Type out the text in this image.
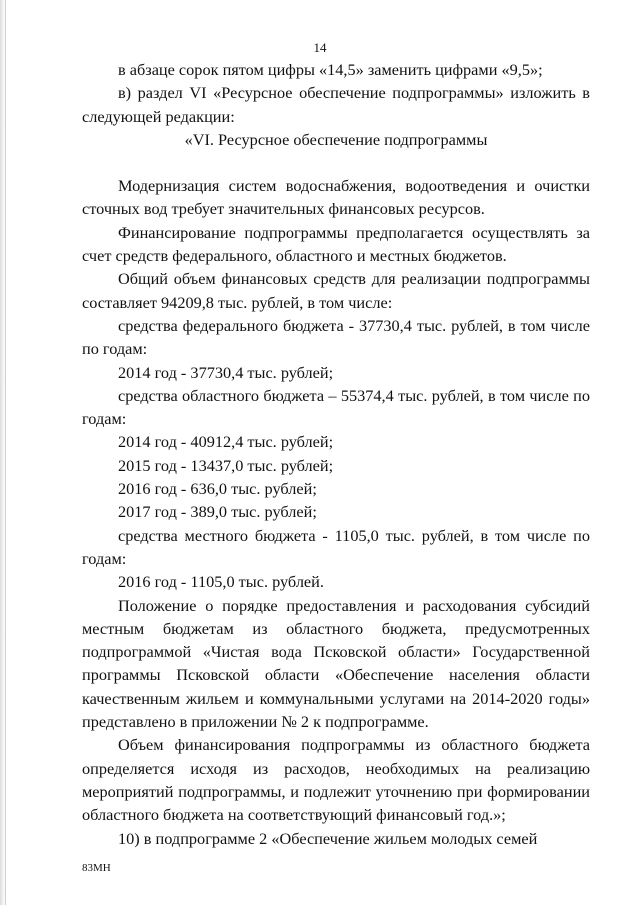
14

в абзаце сорок пятом цифры «14,5» заменить цифрами «9,5»;

в) раздел VI «Ресурсное обеспечение подпрограммы» изложить в следующей редакции:

«VI. Ресурсное обеспечение подпрограммы

Модернизация систем водоснабжения, водоотведения и очистки сточных вод требует значительных финансовых ресурсов.

Финансирование подпрограммы предполагается осуществлять за счет средств федерального, областного и местных бюджетов.

Общий объем финансовых средств для реализации подпрограммы составляет 94209,8 тыс. рублей, в том числе:

средства федерального бюджета - 37730,4 тыс. рублей, в том числе по годам:

2014 год - 37730,4 тыс. рублей;

средства областного бюджета – 55374,4 тыс. рублей, в том числе по годам:

2014 год - 40912,4 тыс. рублей;

2015 год - 13437,0 тыс. рублей;

2016 год - 636,0 тыс. рублей;

2017 год - 389,0 тыс. рублей;

средства местного бюджета - 1105,0 тыс. рублей, в том числе по годам:

2016 год - 1105,0 тыс. рублей.

Положение о порядке предоставления и расходования субсидий местным бюджетам из областного бюджета, предусмотренных подпрограммой «Чистая вода Псковской области» Государственной программы Псковской области «Обеспечение населения области качественным жильем и коммунальными услугами на 2014-2020 годы» представлено в приложении № 2 к подпрограмме.

Объем финансирования подпрограммы из областного бюджета определяется исходя из расходов, необходимых на реализацию мероприятий подпрограммы, и подлежит уточнению при формировании областного бюджета на соответствующий финансовый год.»;

10) в подпрограмме 2 «Обеспечение жильем молодых семей

83МН
